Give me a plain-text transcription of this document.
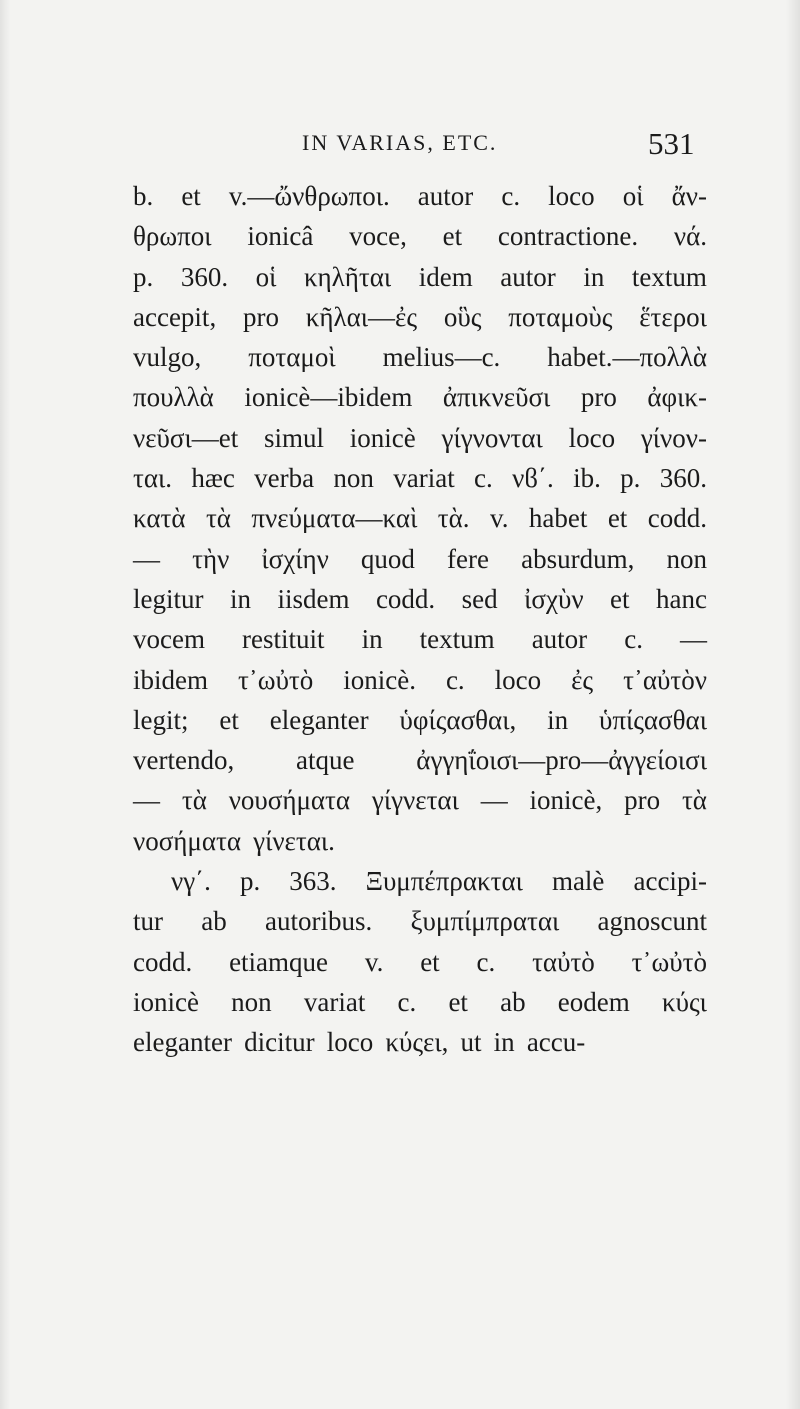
IN VARIAS, ETC.	531
b. et v.—ὤνθρωποι. autor c. loco οἱ ἄν-
θρωποι ionicâ voce, et contractione. νά.
p. 360. οἱ κηλῆται idem autor in textum
accepit, pro κῆλαι—ἐς οὓς ποταμοὺς ἕτεροι
vulgo, ποταμοὶ melius—c. habet.—πολλὰ
πουλλὰ ionicè—ibidem ἀπικνεῦσι pro ἀφικ-
νεῦσι—et simul ionicè γίγνονται loco γίνον-
ται. hæc verba non variat c. νϐ΄. ib. p. 360.
κατὰ τὰ πνεύματα—καὶ τὰ. v. habet et codd.
— τὴν ἰσχίην quod fere absurdum, non
legitur in iisdem codd. sed ἰσχὺν et hanc
vocem restituit in textum autor c. —
ibidem τ᾽ωὐτὸ ionicè. c. loco ἐς τ᾽αὐτὸν
legit; et eleganter ὑφίςασθαι, in ὑπίςασθαι
vertendo, atque ἀγγηΐοισι—pro—ἀγγείοισι
— τὰ νουσήματα γίγνεται — ionicè, pro τὰ
νοσήματα γίνεται.
νγ΄. p. 363. Ξυμπέπρακται malè accipi-
tur ab autoribus. ξυμπίμπραται agnoscunt
codd. etiamque v. et c. ταὐτὸ τ᾽ωὐτὸ
ionicè non variat c. et ab eodem κύςι
eleganter dicitur loco κύςει, ut in accu-
